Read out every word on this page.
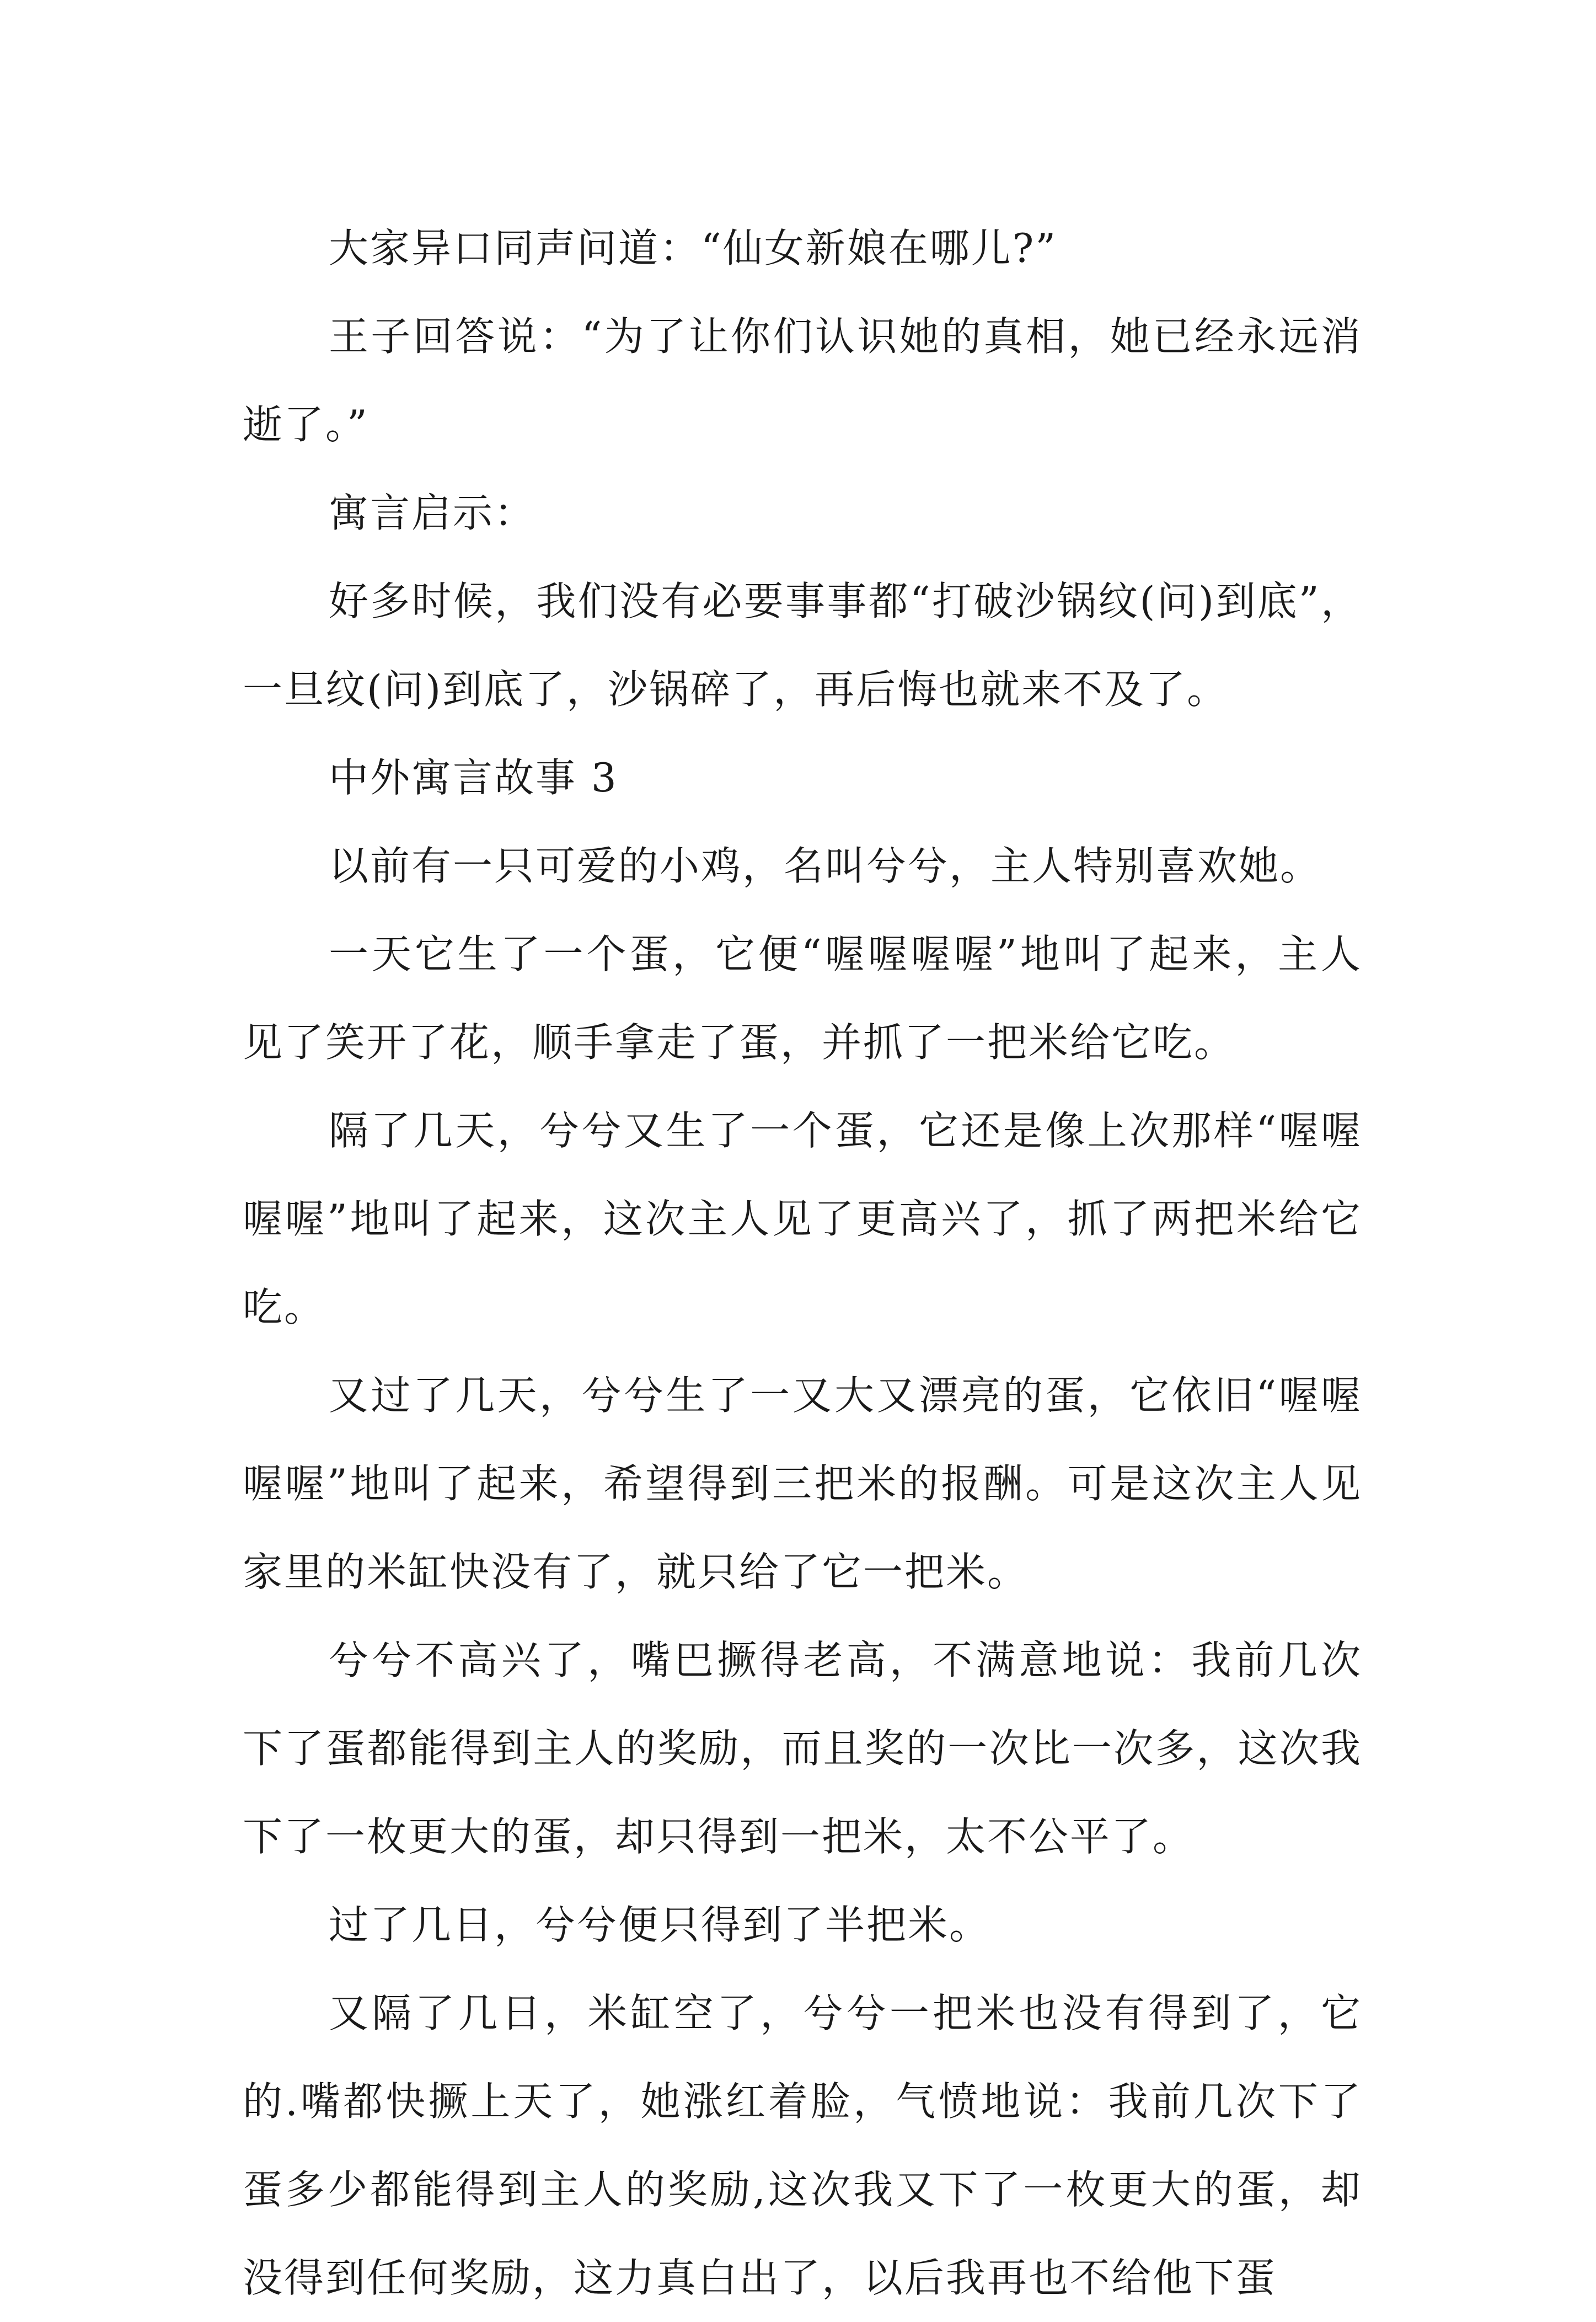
大家异口同声问道：“仙女新娘在哪儿?”

王子回答说：“为了让你们认识她的真相，她已经永远消逝了。”

寓言启示：

好多时候，我们没有必要事事都“打破沙锅纹(问)到底”，一旦纹(问)到底了，沙锅碎了，再后悔也就来不及了。

中外寓言故事 3

以前有一只可爱的小鸡，名叫兮兮，主人特别喜欢她。

一天它生了一个蛋，它便“喔喔喔喔”地叫了起来，主人见了笑开了花，顺手拿走了蛋，并抓了一把米给它吃。

隔了几天，兮兮又生了一个蛋，它还是像上次那样“喔喔喔喔”地叫了起来，这次主人见了更高兴了，抓了两把米给它吃。

又过了几天，兮兮生了一又大又漂亮的蛋，它依旧“喔喔喔喔”地叫了起来，希望得到三把米的报酬。可是这次主人见家里的米缸快没有了，就只给了它一把米。

兮兮不高兴了，嘴巴撅得老高，不满意地说：我前几次下了蛋都能得到主人的奖励，而且奖的一次比一次多，这次我下了一枚更大的蛋，却只得到一把米，太不公平了。

过了几日，兮兮便只得到了半把米。

又隔了几日，米缸空了，兮兮一把米也没有得到了，它的.嘴都快撅上天了，她涨红着脸，气愤地说：我前几次下了蛋多少都能得到主人的奖励,这次我又下了一枚更大的蛋，却没得到任何奖励，这力真白出了，以后我再也不给他下蛋
